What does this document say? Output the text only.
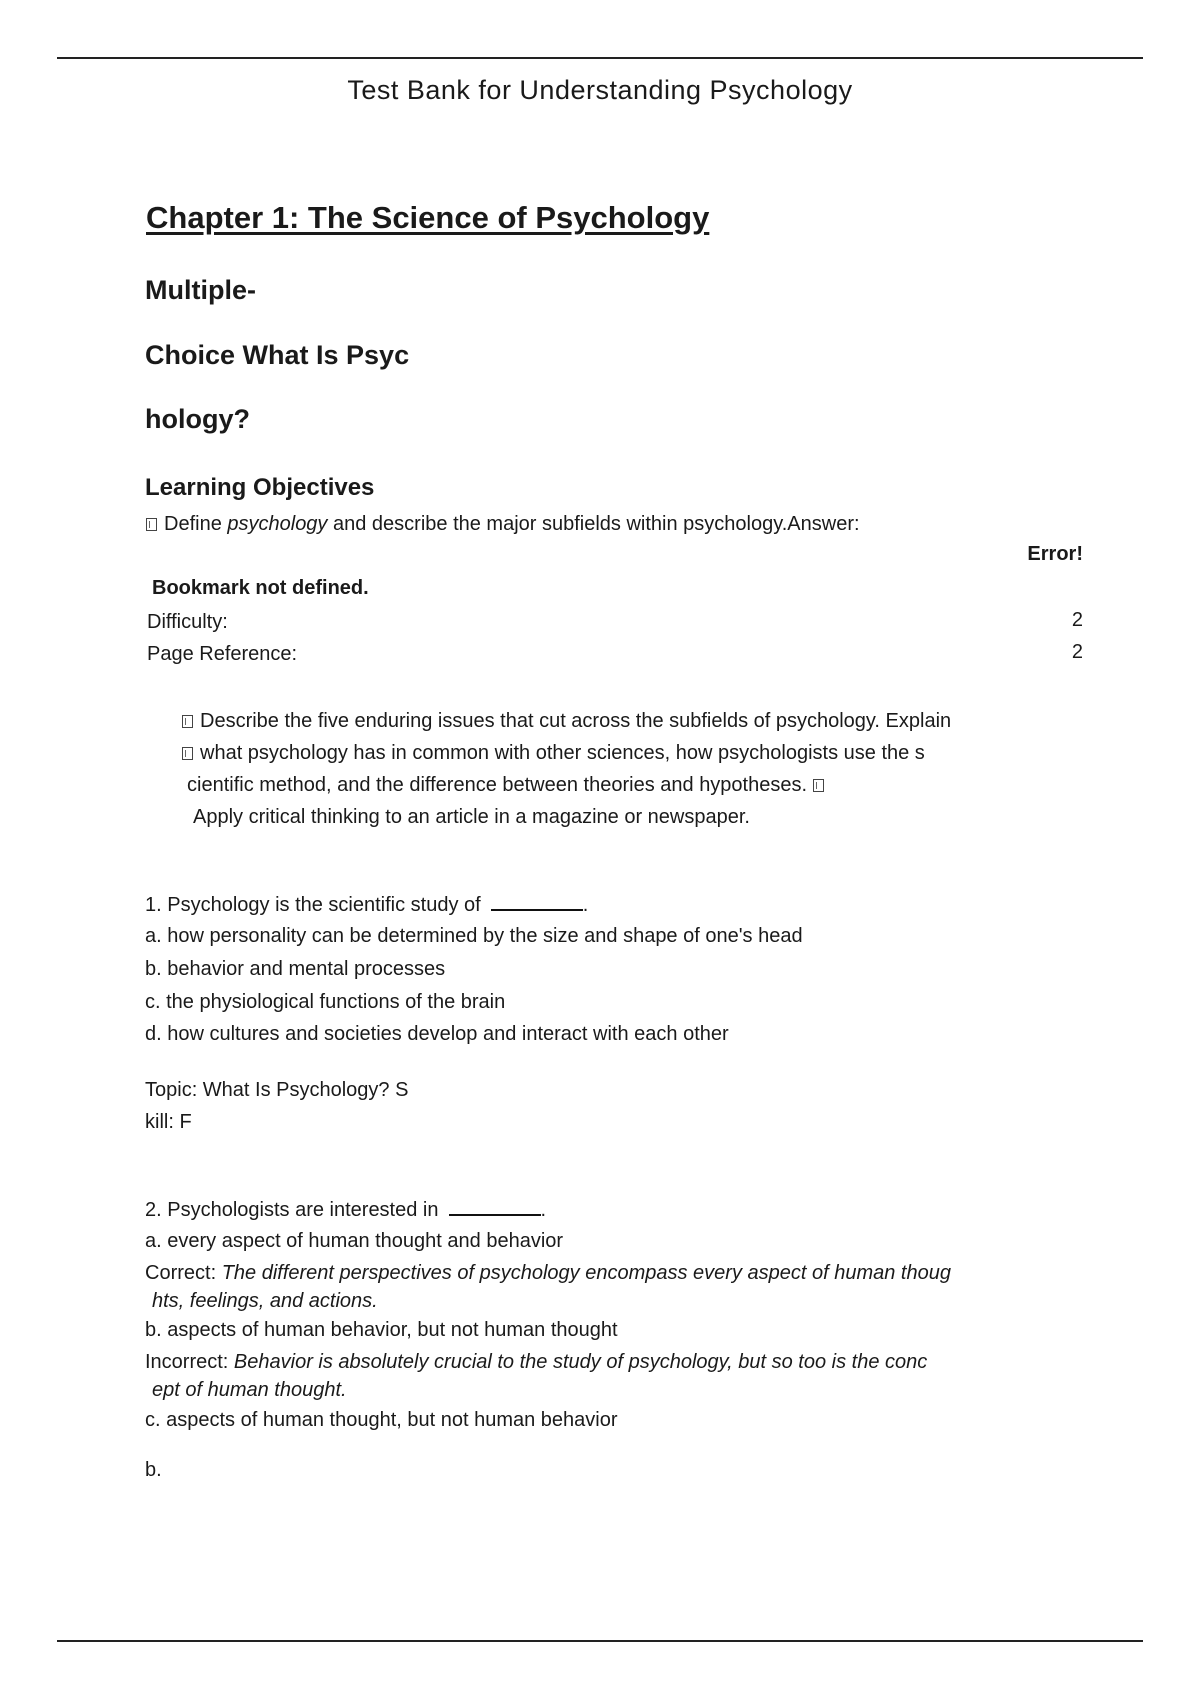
Test Bank for Understanding Psychology
Chapter 1: The Science of Psychology
Multiple-
Choice What Is Psyc
hology?
Learning Objectives
Define psychology and describe the major subfields within psychology.Answer:
Error!
Bookmark not defined.
Difficulty:	2
Page Reference:	2
Describe the five enduring issues that cut across the subfields of psychology. Explain
what psychology has in common with other sciences, how psychologists use the s
cientific method, and the difference between theories and hypotheses.
Apply critical thinking to an article in a magazine or newspaper.
1. Psychology is the scientific study of	.
a. how personality can be determined by the size and shape of one's head
b. behavior and mental processes
c. the physiological functions of the brain
d. how cultures and societies develop and interact with each other
Topic: What Is Psychology? S
kill: F
2. Psychologists are interested in	.
a. every aspect of human thought and behavior
Correct: The different perspectives of psychology encompass every aspect of human thoug
hts, feelings, and actions.
b. aspects of human behavior, but not human thought
Incorrect: Behavior is absolutely crucial to the study of psychology, but so too is the conc
ept of human thought.
c. aspects of human thought, but not human behavior
b.
